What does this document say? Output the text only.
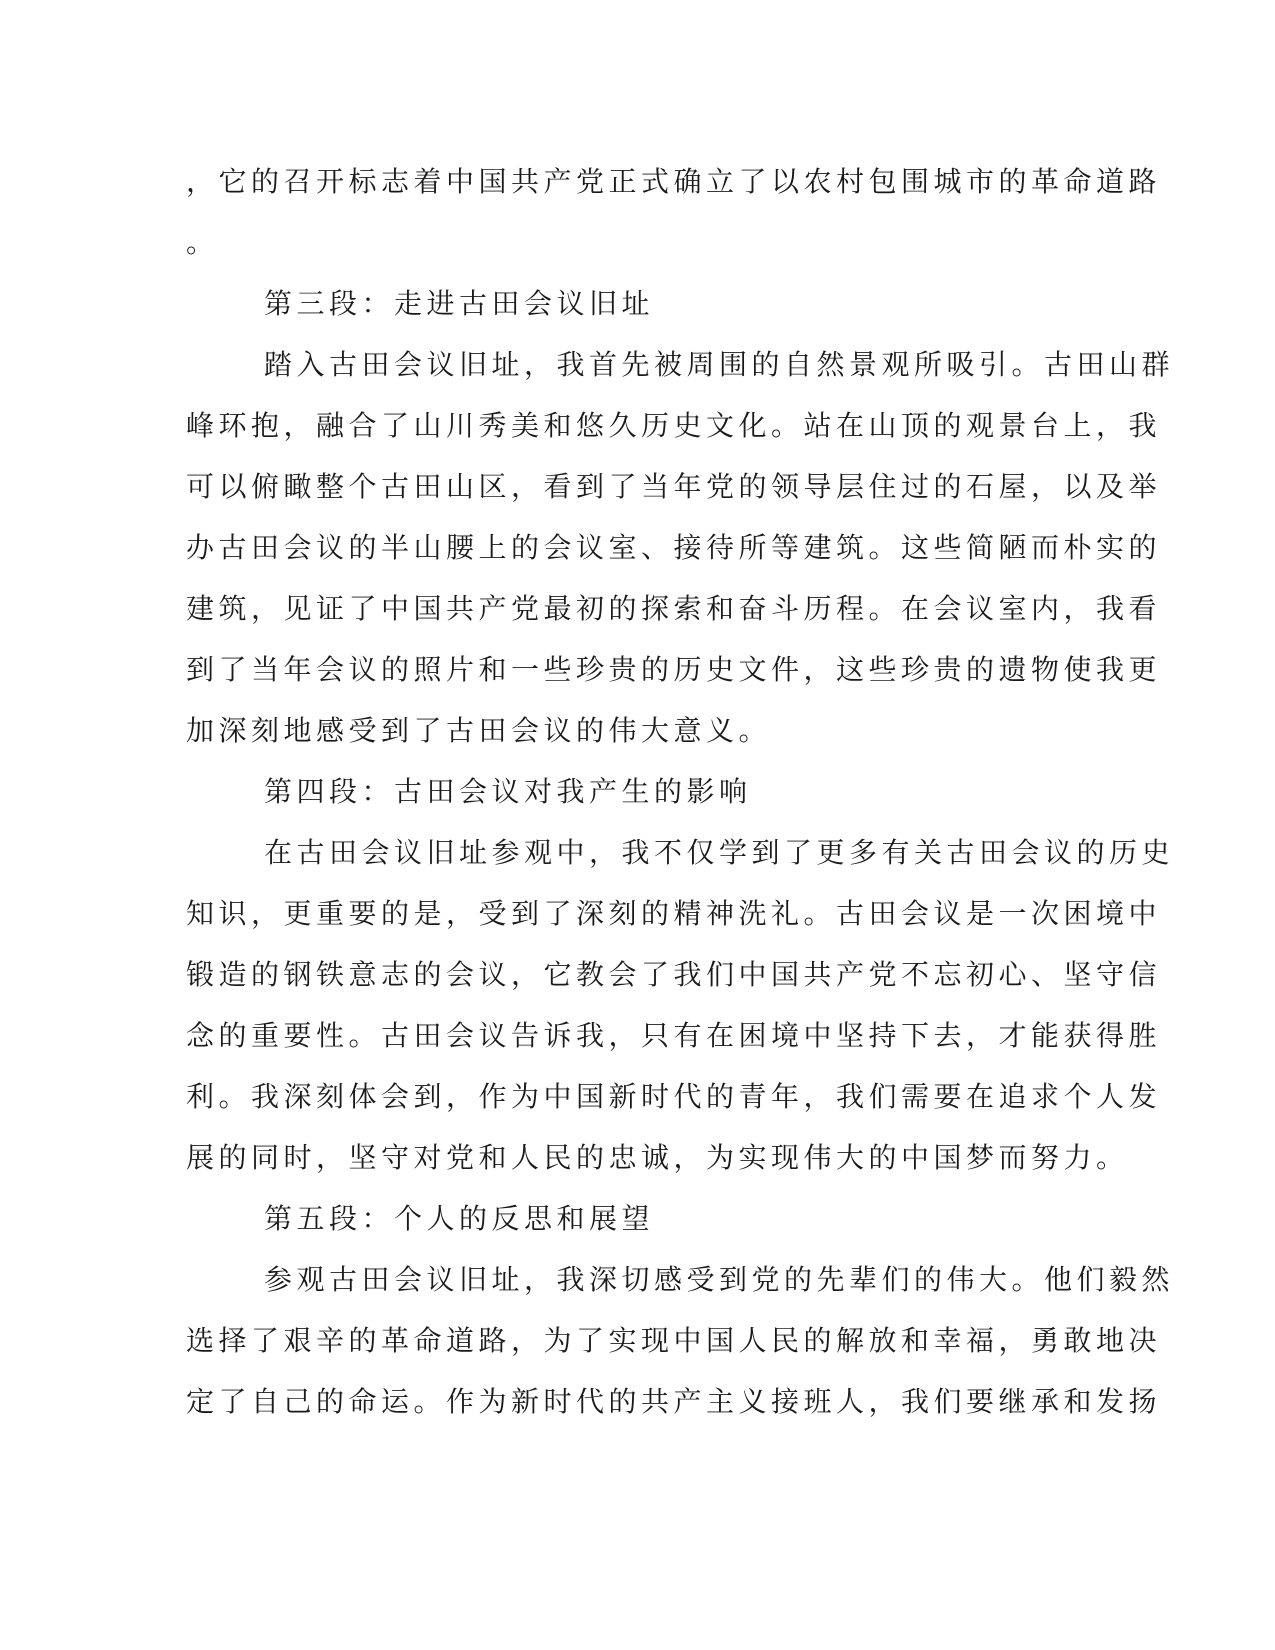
，它的召开标志着中国共产党正式确立了以农村包围城市的革命道路
。
第三段：走进古田会议旧址
踏入古田会议旧址，我首先被周围的自然景观所吸引。古田山群
峰环抱，融合了山川秀美和悠久历史文化。站在山顶的观景台上，我
可以俯瞰整个古田山区，看到了当年党的领导层住过的石屋，以及举
办古田会议的半山腰上的会议室、接待所等建筑。这些简陋而朴实的
建筑，见证了中国共产党最初的探索和奋斗历程。在会议室内，我看
到了当年会议的照片和一些珍贵的历史文件，这些珍贵的遗物使我更
加深刻地感受到了古田会议的伟大意义。
第四段：古田会议对我产生的影响
在古田会议旧址参观中，我不仅学到了更多有关古田会议的历史
知识，更重要的是，受到了深刻的精神洗礼。古田会议是一次困境中
锻造的钢铁意志的会议，它教会了我们中国共产党不忘初心、坚守信
念的重要性。古田会议告诉我，只有在困境中坚持下去，才能获得胜
利。我深刻体会到，作为中国新时代的青年，我们需要在追求个人发
展的同时，坚守对党和人民的忠诚，为实现伟大的中国梦而努力。
第五段：个人的反思和展望
参观古田会议旧址，我深切感受到党的先辈们的伟大。他们毅然
选择了艰辛的革命道路，为了实现中国人民的解放和幸福，勇敢地决
定了自己的命运。作为新时代的共产主义接班人，我们要继承和发扬
